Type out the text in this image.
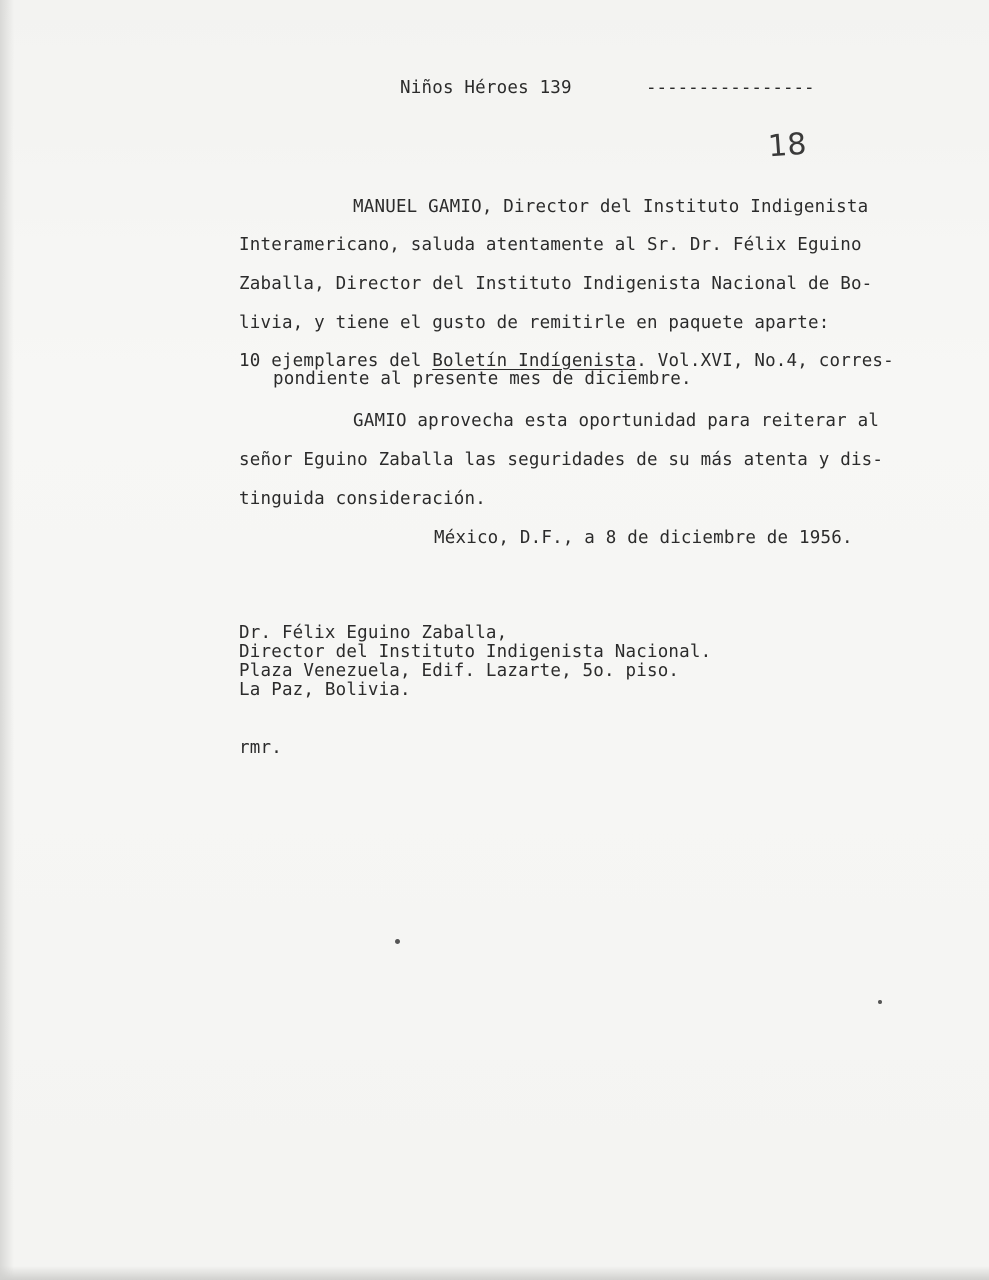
Niños Héroes 139	----------------
18
MANUEL GAMIO, Director del Instituto Indigenista
Interamericano, saluda atentamente al Sr. Dr. Félix Eguino
Zaballa, Director del Instituto Indigenista Nacional de Bo-
livia, y tiene el gusto de remitirle en paquete aparte:
10 ejemplares del Boletín Indígenista. Vol.XVI, No.4, corres-
pondiente al presente mes de diciembre.
GAMIO aprovecha esta oportunidad para reiterar al
señor Eguino Zaballa las seguridades de su más atenta y dis-
tinguida consideración.
México, D.F., a 8 de diciembre de 1956.
Dr. Félix Eguino Zaballa,
Director del Instituto Indigenista Nacional.
Plaza Venezuela, Edif. Lazarte, 5o. piso.
La Paz, Bolivia.
rmr.
